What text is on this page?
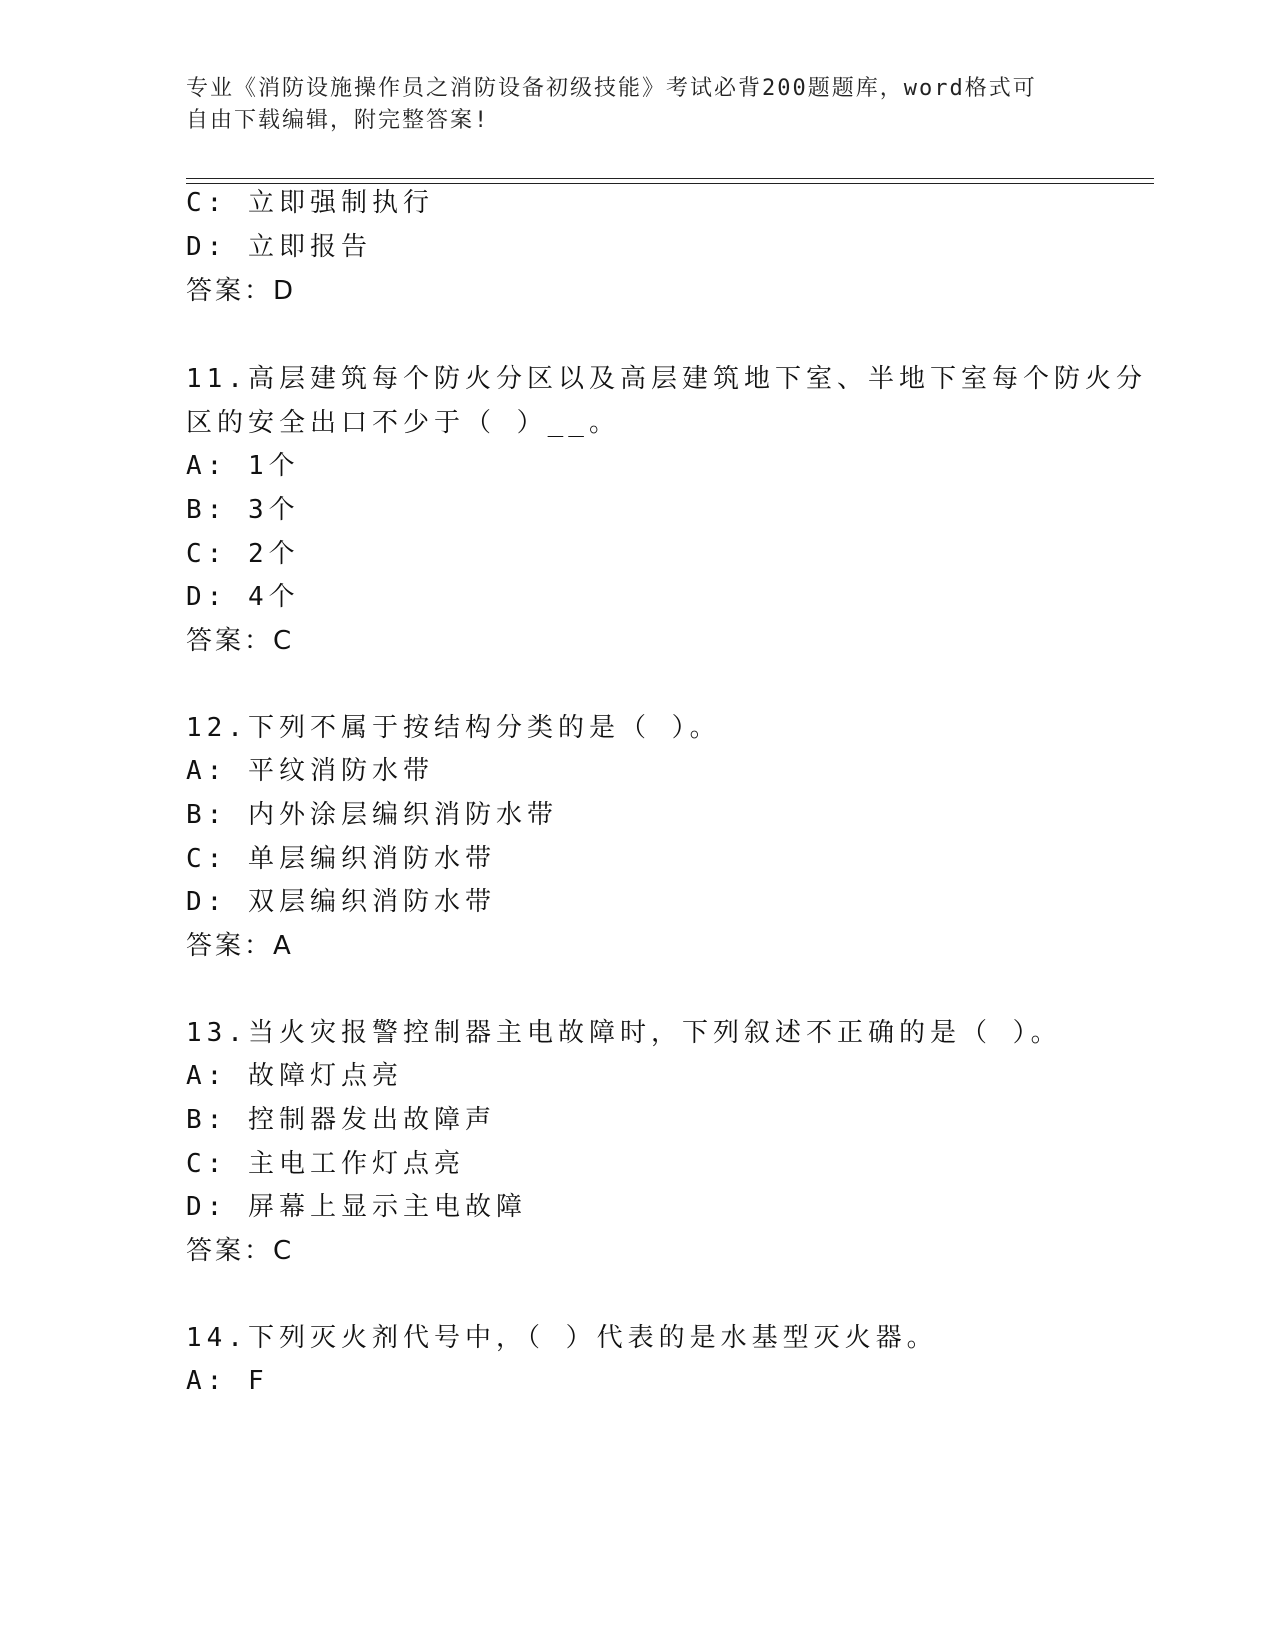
专业《消防设施操作员之消防设备初级技能》考试必背200题题库，word格式可
自由下载编辑，附完整答案!
C: 立即强制执行
D: 立即报告
答案：D
11.高层建筑每个防火分区以及高层建筑地下室、半地下室每个防火分
区的安全出口不少于（ ）__。
A: 1个
B: 3个
C: 2个
D: 4个
答案：C
12.下列不属于按结构分类的是（ ）。
A: 平纹消防水带
B: 内外涂层编织消防水带
C: 单层编织消防水带
D: 双层编织消防水带
答案：A
13.当火灾报警控制器主电故障时，下列叙述不正确的是（ ）。
A: 故障灯点亮
B: 控制器发出故障声
C: 主电工作灯点亮
D: 屏幕上显示主电故障
答案：C
14.下列灭火剂代号中，（ ）代表的是水基型灭火器。
A: F
